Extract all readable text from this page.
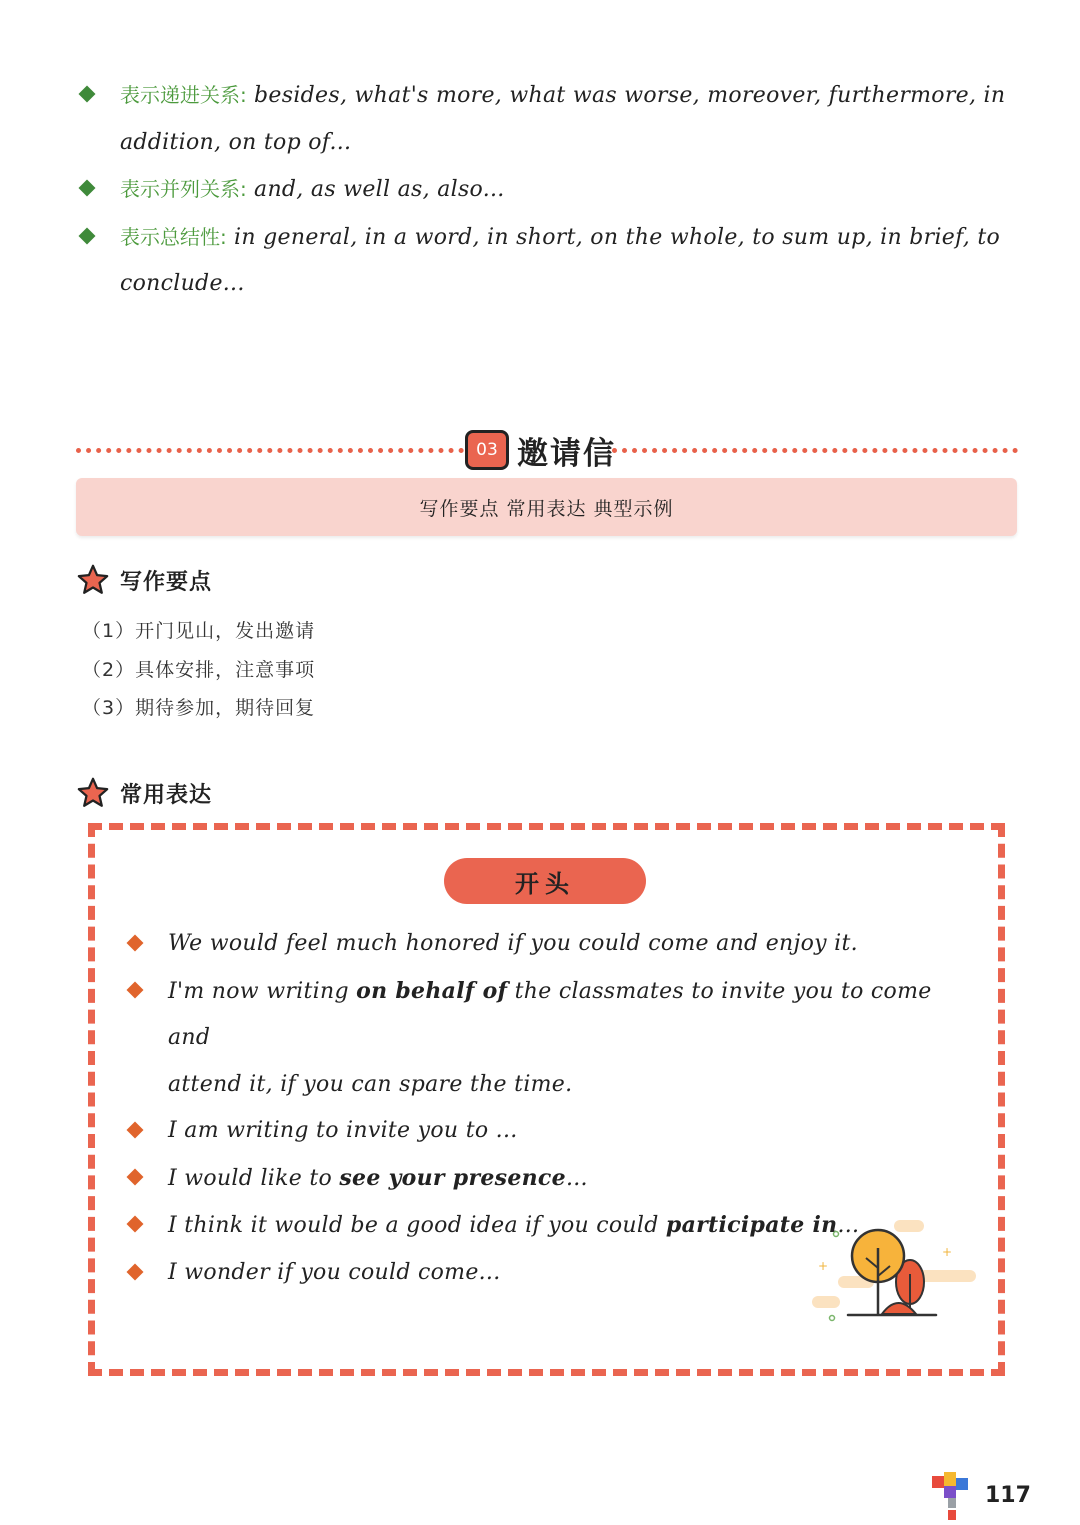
表示递进关系: besides, what's more, what was worse, moreover, furthermore, in
addition, on top of...
表示并列关系: and, as well as, also...
表示总结性: in general, in a word, in short, on the whole, to sum up, in brief, to
conclude...
03 邀请信
写作要点 常用表达 典型示例
写作要点
（1）开门见山，发出邀请
（2）具体安排，注意事项
（3）期待参加，期待回复
常用表达
开头
We would feel much honored if you could come and enjoy it.
I'm now writing on behalf of the classmates to invite you to come and
attend it, if you can spare the time.
I am writing to invite you to ...
I would like to see your presence...
I think it would be a good idea if you could participate in...
I wonder if you could come...
+
+
117
